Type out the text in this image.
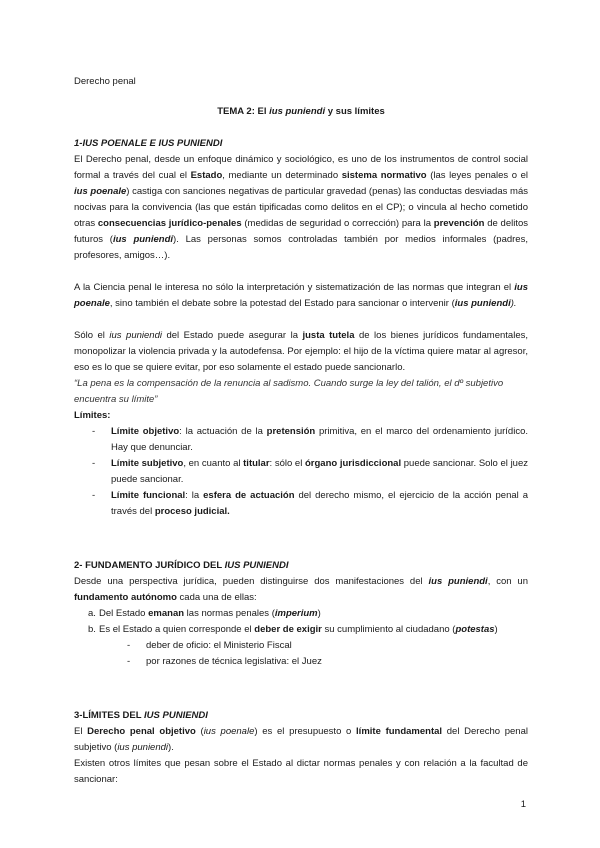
Derecho penal

TEMA 2: El ius puniendi y sus límites

1-IUS POENALE E IUS PUNIENDI

El Derecho penal, desde un enfoque dinámico y sociológico, es uno de los instrumentos de control social formal a través del cual el Estado, mediante un determinado sistema normativo (las leyes penales o el ius poenale) castiga con sanciones negativas de particular gravedad (penas) las conductas desviadas más nocivas para la convivencia (las que están tipificadas como delitos en el CP); o vincula al hecho cometido otras consecuencias jurídico-penales (medidas de seguridad o corrección) para la prevención de delitos futuros (ius puniendi). Las personas somos controladas también por medios informales (padres, profesores, amigos…).

A la Ciencia penal le interesa no sólo la interpretación y sistematización de las normas que integran el ius poenale, sino también el debate sobre la potestad del Estado para sancionar o intervenir (ius puniendi).

Sólo el ius puniendi del Estado puede asegurar la justa tutela de los bienes jurídicos fundamentales, monopolizar la violencia privada y la autodefensa. Por ejemplo: el hijo de la víctima quiere matar al agresor, eso es lo que se quiere evitar, por eso solamente el estado puede sancionarlo.

“La pena es la compensación de la renuncia al sadismo. Cuando surge la ley del talión, el dº subjetivo encuentra su límite”

Límites:

- Límite objetivo: la actuación de la pretensión primitiva, en el marco del ordenamiento jurídico. Hay que denunciar.
- Límite subjetivo, en cuanto al titular: sólo el órgano jurisdiccional puede sancionar. Solo el juez puede sancionar.
- Límite funcional: la esfera de actuación del derecho mismo, el ejercicio de la acción penal a través del proceso judicial.

2- FUNDAMENTO JURÍDICO DEL IUS PUNIENDI

Desde una perspectiva jurídica, pueden distinguirse dos manifestaciones del ius puniendi, con un fundamento autónomo cada una de ellas:

a. Del Estado emanan las normas penales (imperium)
b. Es el Estado a quien corresponde el deber de exigir su cumplimiento al ciudadano (potestas)
- deber de oficio: el Ministerio Fiscal
- por razones de técnica legislativa: el Juez

3-LÍMITES DEL IUS PUNIENDI

El Derecho penal objetivo (ius poenale) es el presupuesto o límite fundamental del Derecho penal subjetivo (ius puniendi).

Existen otros límites que pesan sobre el Estado al dictar normas penales y con relación a la facultad de sancionar:

1
